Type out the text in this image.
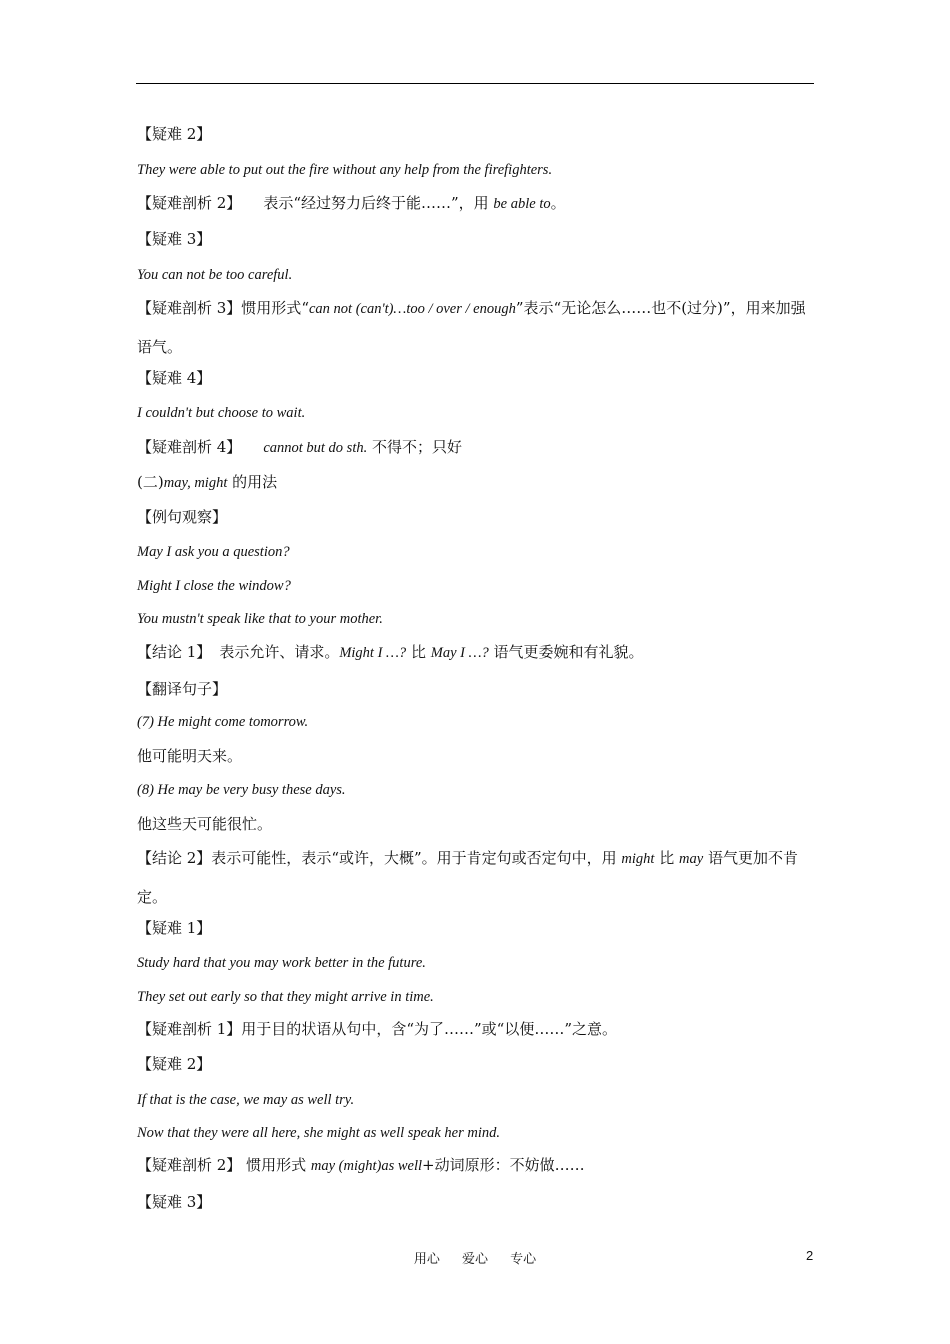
【疑难 2】
They were able to put out the fire without any help from the firefighters.
【疑难剖析 2】 表示“经过努力后终于能……”，用 be able to。
【疑难 3】
You can not be too careful.
【疑难剖析 3】惯用形式“can not (can't)…too / over / enough”表示“无论怎么……也不(过分)”，用来加强语气。
【疑难 4】
I couldn't but choose to wait.
【疑难剖析 4】 cannot but do sth. 不得不；只好
(二)may, might 的用法
【例句观察】
May I ask you a question?
Might I close the window?
You mustn't speak like that to your mother.
【结论 1】 表示允许、请求。Might I …? 比 May I …? 语气更委婉和有礼貌。
【翻译句子】
(7) He might come tomorrow.
他可能明天来。
(8) He may be very busy these days.
他这些天可能很忙。
【结论 2】表示可能性，表示“或许，大概”。用于肯定句或否定句中，用 might 比 may 语气更加不肯定。
【疑难 1】
Study hard that you may work better in the future.
They set out early so that they might arrive in time.
【疑难剖析 1】用于目的状语从句中，含“为了……”或“以便……”之意。
【疑难 2】
If that is the case, we may as well try.
Now that they were all here, she might as well speak her mind.
【疑难剖析 2】 惯用形式 may (might)as well+动词原形：不妨做……
【疑难 3】
用心 爱心 专心	2
